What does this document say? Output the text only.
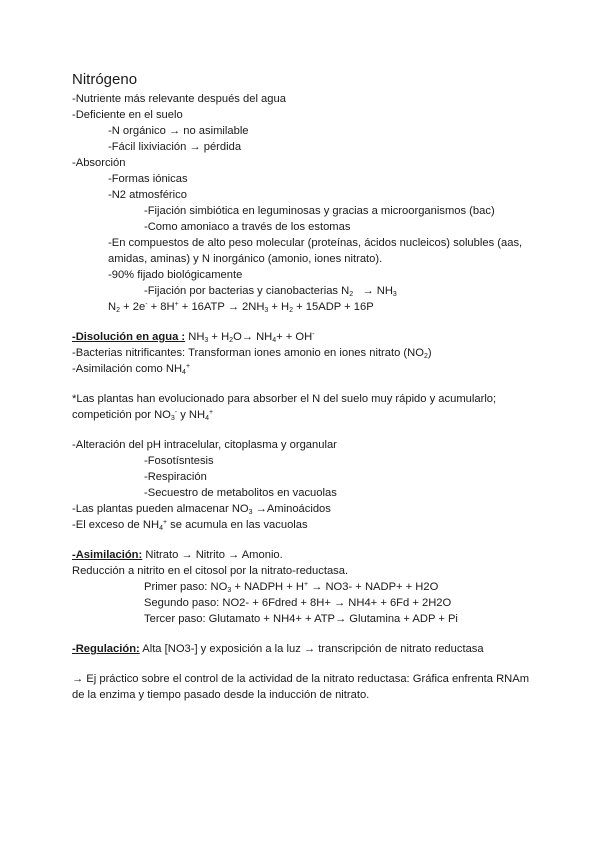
Nitrógeno
-Nutriente más relevante después del agua
-Deficiente en el suelo
-N orgánico → no asimilable
-Fácil lixiviación → pérdida
-Absorción
-Formas iónicas
-N2 atmosférico
-Fijación simbiótica en leguminosas y gracias a microorganismos (bac)
-Como amoniaco a través de los estomas
-En compuestos de alto peso molecular (proteínas, ácidos nucleicos) solubles (aas, amidas, aminas) y N inorgánico (amonio, iones nitrato).
-90% fijado biológicamente
-Fijación por bacterias y cianobacterias $N_2 \to NH_3$
$N_2 + 2e^- + 8H^+ + 16ATP \to 2NH_3 + H_2 + 15ADP + 16P$
-Disolución en agua : $NH_3 + H_2O\to NH_4+ + OH^-$
-Bacterias nitrificantes: Transforman iones amonio en iones nitrato $(NO_2)$
-Asimilación como $NH_4^+$
*Las plantas han evolucionado para absorber el N del suelo muy rápido y acumularlo; competición por $NO_3^-$ y $NH_4^+$
-Alteración del pH intracelular, citoplasma y organular
-Fosotísntesis
-Respiración
-Secuestro de metabolitos en vacuolas
-Las plantas pueden almacenar $NO_3$ →Aminoácidos
-El exceso de $NH_4^+$ se acumula en las vacuolas
-Asimilación: Nitrato → Nitrito → Amonio.
Reducción a nitrito en el citosol por la nitrato-reductasa.
Primer paso: $NO_3$ + NADPH + H+ → NO3- + NADP+ + H2O
Segundo paso: NO2- + 6Fdred + 8H+ → NH4+ + 6Fd + 2H2O
Tercer paso: Glutamato + NH4+ + ATP→ Glutamina + ADP + Pi
-Regulación: Alta [NO3-] y exposición a la luz → transcripción de nitrato reductasa
→ Ej práctico sobre el control de la actividad de la nitrato reductasa: Gráfica enfrenta RNAm de la enzima y tiempo pasado desde la inducción de nitrato.
